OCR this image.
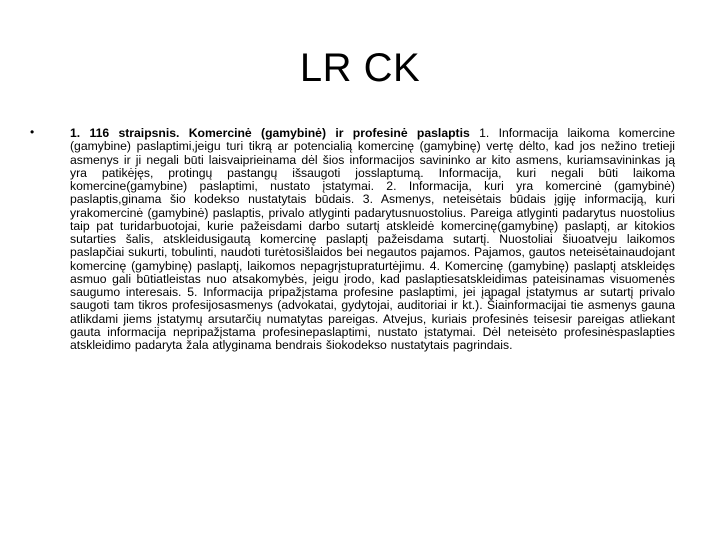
LR CK
•	1. 116 straipsnis. Komercinė (gamybinė) ir profesinė paslaptis 1. Informacija laikoma komercine (gamybine) paslaptimi,jeigu turi tikrą ar potencialią komercinę (gamybinę) vertę dėlto, kad jos nežino tretieji asmenys ir ji negali būti laisvaiprieinama dėl šios informacijos savininko ar kito asmens, kuriamsavininkas ją yra patikėjęs, protingų pastangų išsaugoti josslaptumą. Informacija, kuri negali būti laikoma komercine(gamybine) paslaptimi, nustato įstatymai. 2. Informacija, kuri yra komercinė (gamybinė) paslaptis,ginama šio kodekso nustatytais būdais. 3. Asmenys, neteisėtais būdais įgiję informaciją, kuri yrakomercinė (gamybinė) paslaptis, privalo atlyginti padarytusnuostolius. Pareiga atlyginti padarytus nuostolius taip pat turidarbuotojai, kurie pažeisdami darbo sutartį atskleidė komercinę(gamybinę) paslaptį, ar kitokios sutarties šalis, atskleidusigautą komercinę paslaptį pažeisdama sutartį. Nuostoliai šiuoatveju laikomos paslapčiai sukurti, tobulinti, naudoti turėtosišlaidos bei negautos pajamos. Pajamos, gautos neteisėtainaudojant komercinę (gamybinę) paslaptį, laikomos nepagrįstupraturtėjimu. 4. Komercinę (gamybinę) paslaptį atskleidęs asmuo gali būtiatleistas nuo atsakomybės, jeigu įrodo, kad paslaptiesatskleidimas pateisinamas visuomenės saugumo interesais. 5. Informacija pripažįstama profesine paslaptimi, jei įąpagal įstatymus ar sutartį privalo saugoti tam tikros profesijosasmenys (advokatai, gydytojai, auditoriai ir kt.). Šiainformacijai tie asmenys gauna atlikdami jiems įstatymų arsutarčių numatytas pareigas. Atvejus, kuriais profesinės teisesir pareigas atliekant gauta informacija nepripažįstama profesinepaslaptimi, nustato įstatymai. Dėl neteisėto profesinėspaslapties atskleidimo padaryta žala atlyginama bendrais šiokodekso nustatytais pagrindais.
